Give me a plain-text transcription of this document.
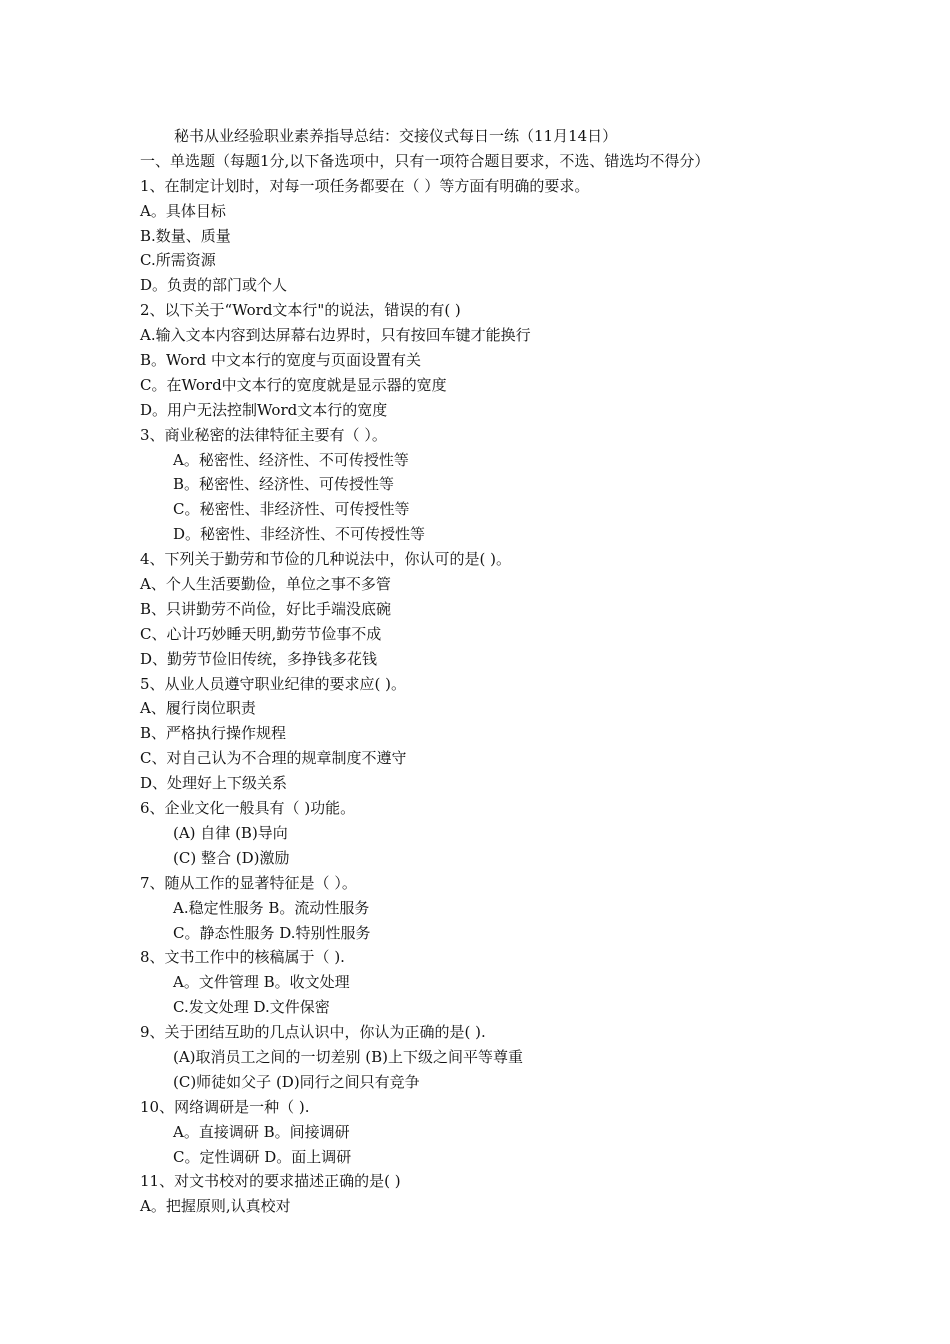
秘书从业经验职业素养指导总结：交接仪式每日一练（11月14日）
一、单选题（每题1分,以下备选项中，只有一项符合题目要求，不选、错选均不得分）
1、在制定计划时，对每一项任务都要在（ ）等方面有明确的要求。
A。具体目标
B.数量、质量
C.所需资源
D。负责的部门或个人
2、以下关于“Word文本行"的说法，错误的有( )
A.输入文本内容到达屏幕右边界时，只有按回车键才能换行
B。Word 中文本行的宽度与页面设置有关
C。在Word中文本行的宽度就是显示器的宽度
D。用户无法控制Word文本行的宽度
3、商业秘密的法律特征主要有（ ）。
A。秘密性、经济性、不可传授性等
B。秘密性、经济性、可传授性等
C。秘密性、非经济性、可传授性等
D。秘密性、非经济性、不可传授性等
4、下列关于勤劳和节俭的几种说法中，你认可的是( )。
A、个人生活要勤俭，单位之事不多管
B、只讲勤劳不尚俭，好比手端没底碗
C、心计巧妙睡天明,勤劳节俭事不成
D、勤劳节俭旧传统，多挣钱多花钱
5、从业人员遵守职业纪律的要求应( )。
A、履行岗位职责
B、严格执行操作规程
C、对自己认为不合理的规章制度不遵守
D、处理好上下级关系
6、企业文化一般具有（ )功能。
(A) 自律 (B)导向
(C) 整合 (D)激励
7、随从工作的显著特征是（ ）。
A.稳定性服务 B。流动性服务
C。静态性服务 D.特别性服务
8、文书工作中的核稿属于（ ).
A。文件管理 B。收文处理
C.发文处理 D.文件保密
9、关于团结互助的几点认识中，你认为正确的是( ).
(A)取消员工之间的一切差别 (B)上下级之间平等尊重
(C)师徒如父子 (D)同行之间只有竞争
10、网络调研是一种（ ).
A。直接调研 B。间接调研
C。定性调研 D。面上调研
11、对文书校对的要求描述正确的是( )
A。把握原则,认真校对
